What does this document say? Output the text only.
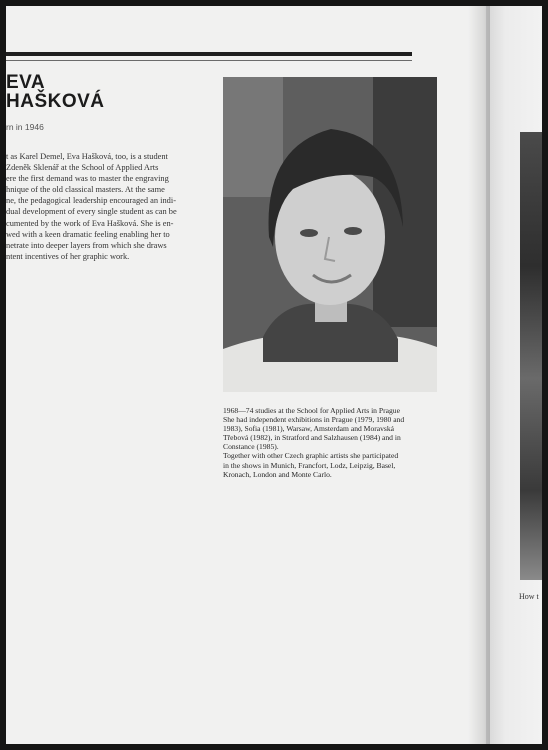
EVA
HAŠKOVÁ
rn in 1946
t as Karel Demel, Eva Hašková, too, is a student
Zdeněk Sklenář at the School of Applied Arts
ere the first demand was to master the engraving
hnique of the old classical masters. At the same
ne, the pedagogical leadership encouraged an indi-
dual development of every single student as can be
cumented by the work of Eva Hašková. She is en-
wed with a keen dramatic feeling enabling her to
netrate into deeper layers from which she draws
ntent incentives of her graphic work.
1968—74 studies at the School for Applied Arts in Prague
She had independent exhibitions in Prague (1979, 1980 and
1983), Sofia (1981), Warsaw, Amsterdam and Moravská
Třebová (1982), in Stratford and Salzhausen (1984) and in
Constance (1985).
Together with other Czech graphic artists she participated
in the shows in Munich, Francfort, Lodz, Leipzig, Basel,
Kronach, London and Monte Carlo.
How t
